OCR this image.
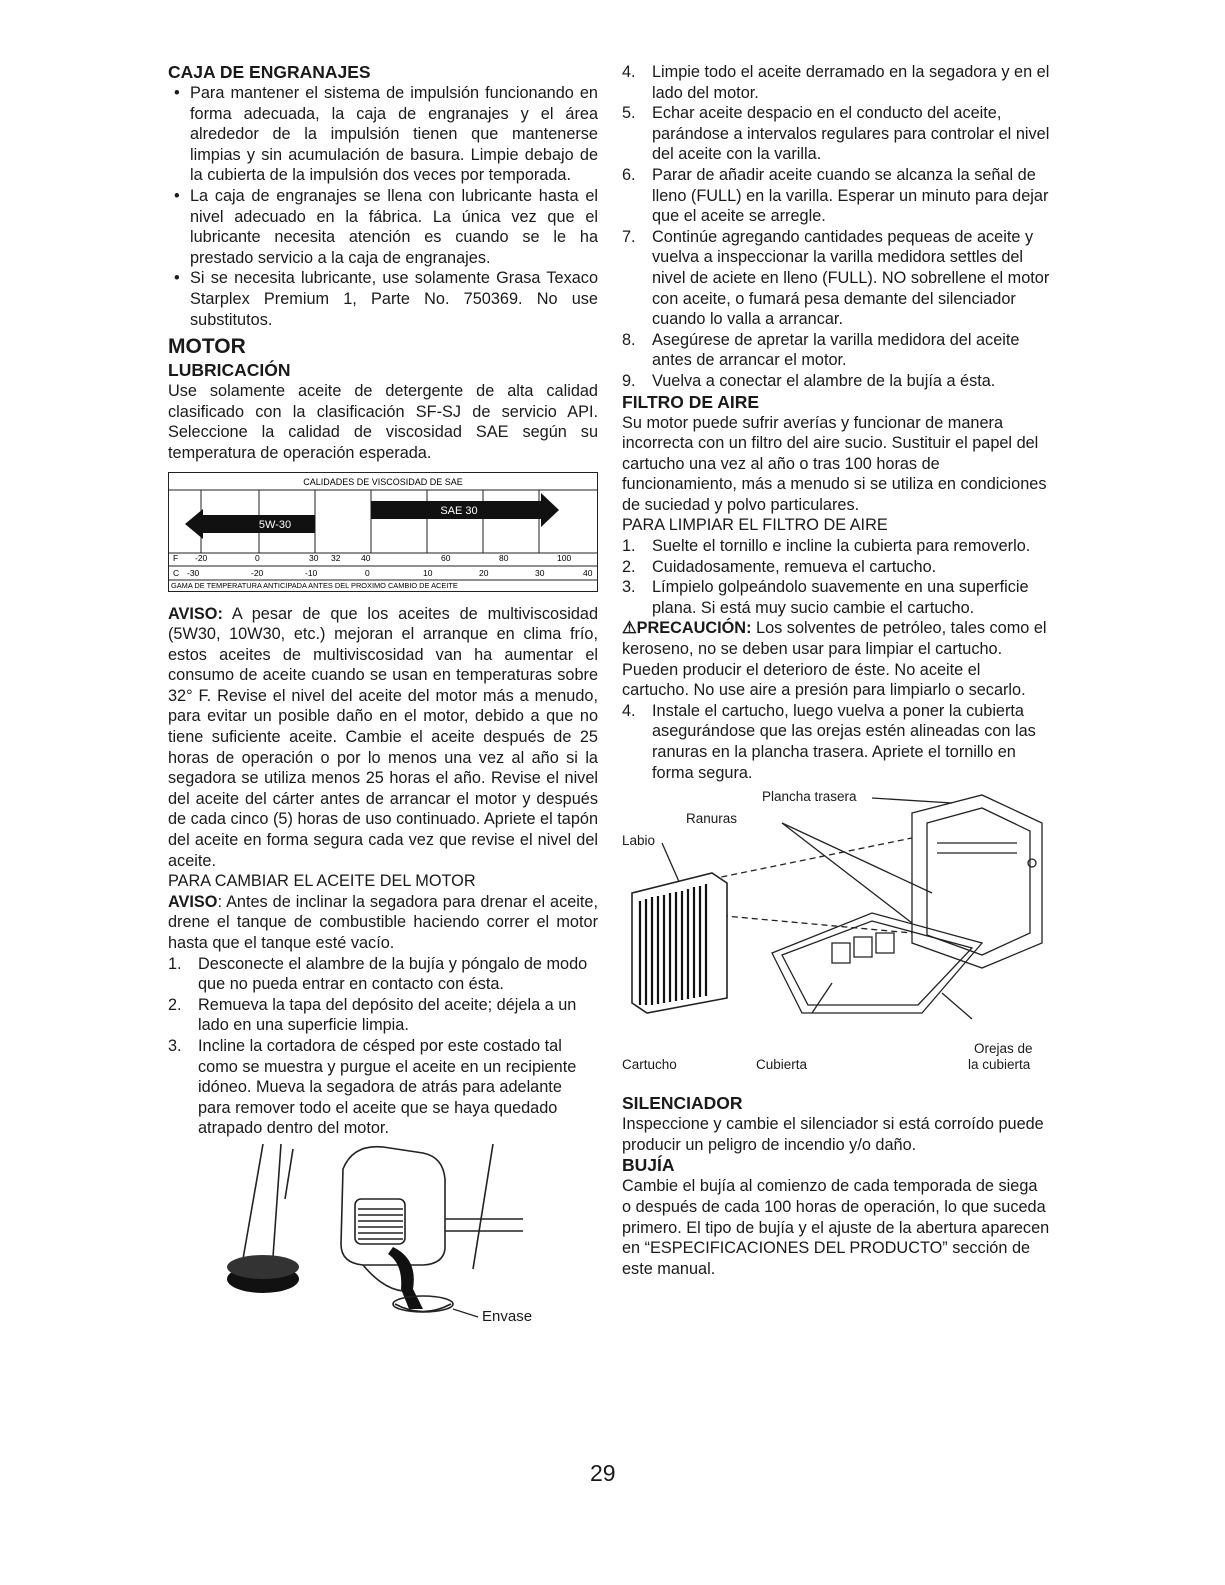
CAJA DE ENGRANAJES
• Para mantener el sistema de impulsión funcionando en forma adecuada, la caja de engranajes y el área alrededor de la impulsión tienen que mantenerse limpias y sin acumulación de basura. Limpie debajo de la cubierta de la impulsión dos veces por temporada.
• La caja de engranajes se llena con lubricante hasta el nivel adecuado en la fábrica. La única vez que el lubricante necesita atención es cuando se le ha prestado servicio a la caja de engranajes.
• Si se necesita lubricante, use solamente Grasa Texaco Starplex Premium 1, Parte No. 750369. No use substitutos.
MOTOR
LUBRICACIÓN
Use solamente aceite de detergente de alta calidad clasificado con la clasificación SF-SJ de servicio API. Seleccione la calidad de viscosidad SAE según su temperatura de operación esperada.
CALIDADES DE VISCOSIDAD DE SAE
SAE 30
5W-30
F -20	0	30 32 40	60	80	100
C -30	-20	-10	0	10	20	30	40
GAMA DE TEMPERATURA ANTICIPADA ANTES DEL PROXIMO CAMBIO DE ACEITE
AVISO: A pesar de que los aceites de multiviscosidad (5W30, 10W30, etc.) mejoran el arranque en clima frío, estos aceites de multiviscosidad van ha aumentar el consumo de aceite cuando se usan en temperaturas sobre 32° F. Revise el nivel del aceite del motor más a menudo, para evitar un posible daño en el motor, debido a que no tiene suficiente aceite. Cambie el aceite después de 25 horas de operación o por lo menos una vez al año si la segadora se utiliza menos 25 horas el año. Revise el nivel del aceite del cárter antes de arrancar el motor y después de cada cinco (5) horas de uso continuado. Apriete el tapón del aceite en forma segura cada vez que revise el nivel del aceite.
PARA CAMBIAR EL ACEITE DEL MOTOR
AVISO: Antes de inclinar la segadora para drenar el aceite, drene el tanque de combustible haciendo correr el motor hasta que el tanque esté vacío.
1. Desconecte el alambre de la bujía y póngalo de modo que no pueda entrar en contacto con ésta.
2. Remueva la tapa del depósito del aceite; déjela a un lado en una superficie limpia.
3. Incline la cortadora de césped por este costado tal como se muestra y purgue el aceite en un recipiente idóneo. Mueva la segadora de atrás para adelante para remover todo el aceite que se haya quedado atrapado dentro del motor.
Envase
29
4. Limpie todo el aceite derramado en la segadora y en el lado del motor.
5. Echar aceite despacio en el conducto del aceite, parándose a intervalos regulares para controlar el nivel del aceite con la varilla.
6. Parar de añadir aceite cuando se alcanza la señal de lleno (FULL) en la varilla. Esperar un minuto para dejar que el aceite se arregle.
7. Continúe agregando cantidades pequeas de aceite y vuelva a inspeccionar la varilla medidora settles del nivel de aciete en lleno (FULL). NO sobrellene el motor con aceite, o fumará pesa demante del silenciador cuando lo valla a arrancar.
8. Asegúrese de apretar la varilla medidora del aceite antes de arrancar el motor.
9. Vuelva a conectar el alambre de la bujía a ésta.
FILTRO DE AIRE
Su motor puede sufrir averías y funcionar de manera incorrecta con un filtro del aire sucio. Sustituir el papel del cartucho una vez al año o tras 100 horas de funcionamiento, más a menudo si se utiliza en condiciones de suciedad y polvo particulares.
PARA LIMPIAR EL FILTRO DE AIRE
1. Suelte el tornillo e incline la cubierta para removerlo.
2. Cuidadosamente, remueva el cartucho.
3. Límpielo golpeándolo suavemente en una superficie plana. Si está muy sucio cambie el cartucho.
⚠PRECAUCIÓN: Los solventes de petróleo, tales como el keroseno, no se deben usar para limpiar el cartucho. Pueden producir el deterioro de éste. No aceite el cartucho. No use aire a presión para limpiarlo o secarlo.
4. Instale el cartucho, luego vuelva a poner la cubierta asegurándose que las orejas estén alineadas con las ranuras en la plancha trasera. Apriete el tornillo en forma segura.
Plancha trasera
Ranuras
Labio
Cartucho	Cubierta
Orejas de
la cubierta
SILENCIADOR
Inspeccione y cambie el silenciador si está corroído puede producir un peligro de incendio y/o daño.
BUJÍA
Cambie el bujía al comienzo de cada temporada de siega o después de cada 100 horas de operación, lo que suceda primero. El tipo de bujía y el ajuste de la abertura aparecen en “ESPECIFICACIONES DEL PRODUCTO” sección de este manual.
